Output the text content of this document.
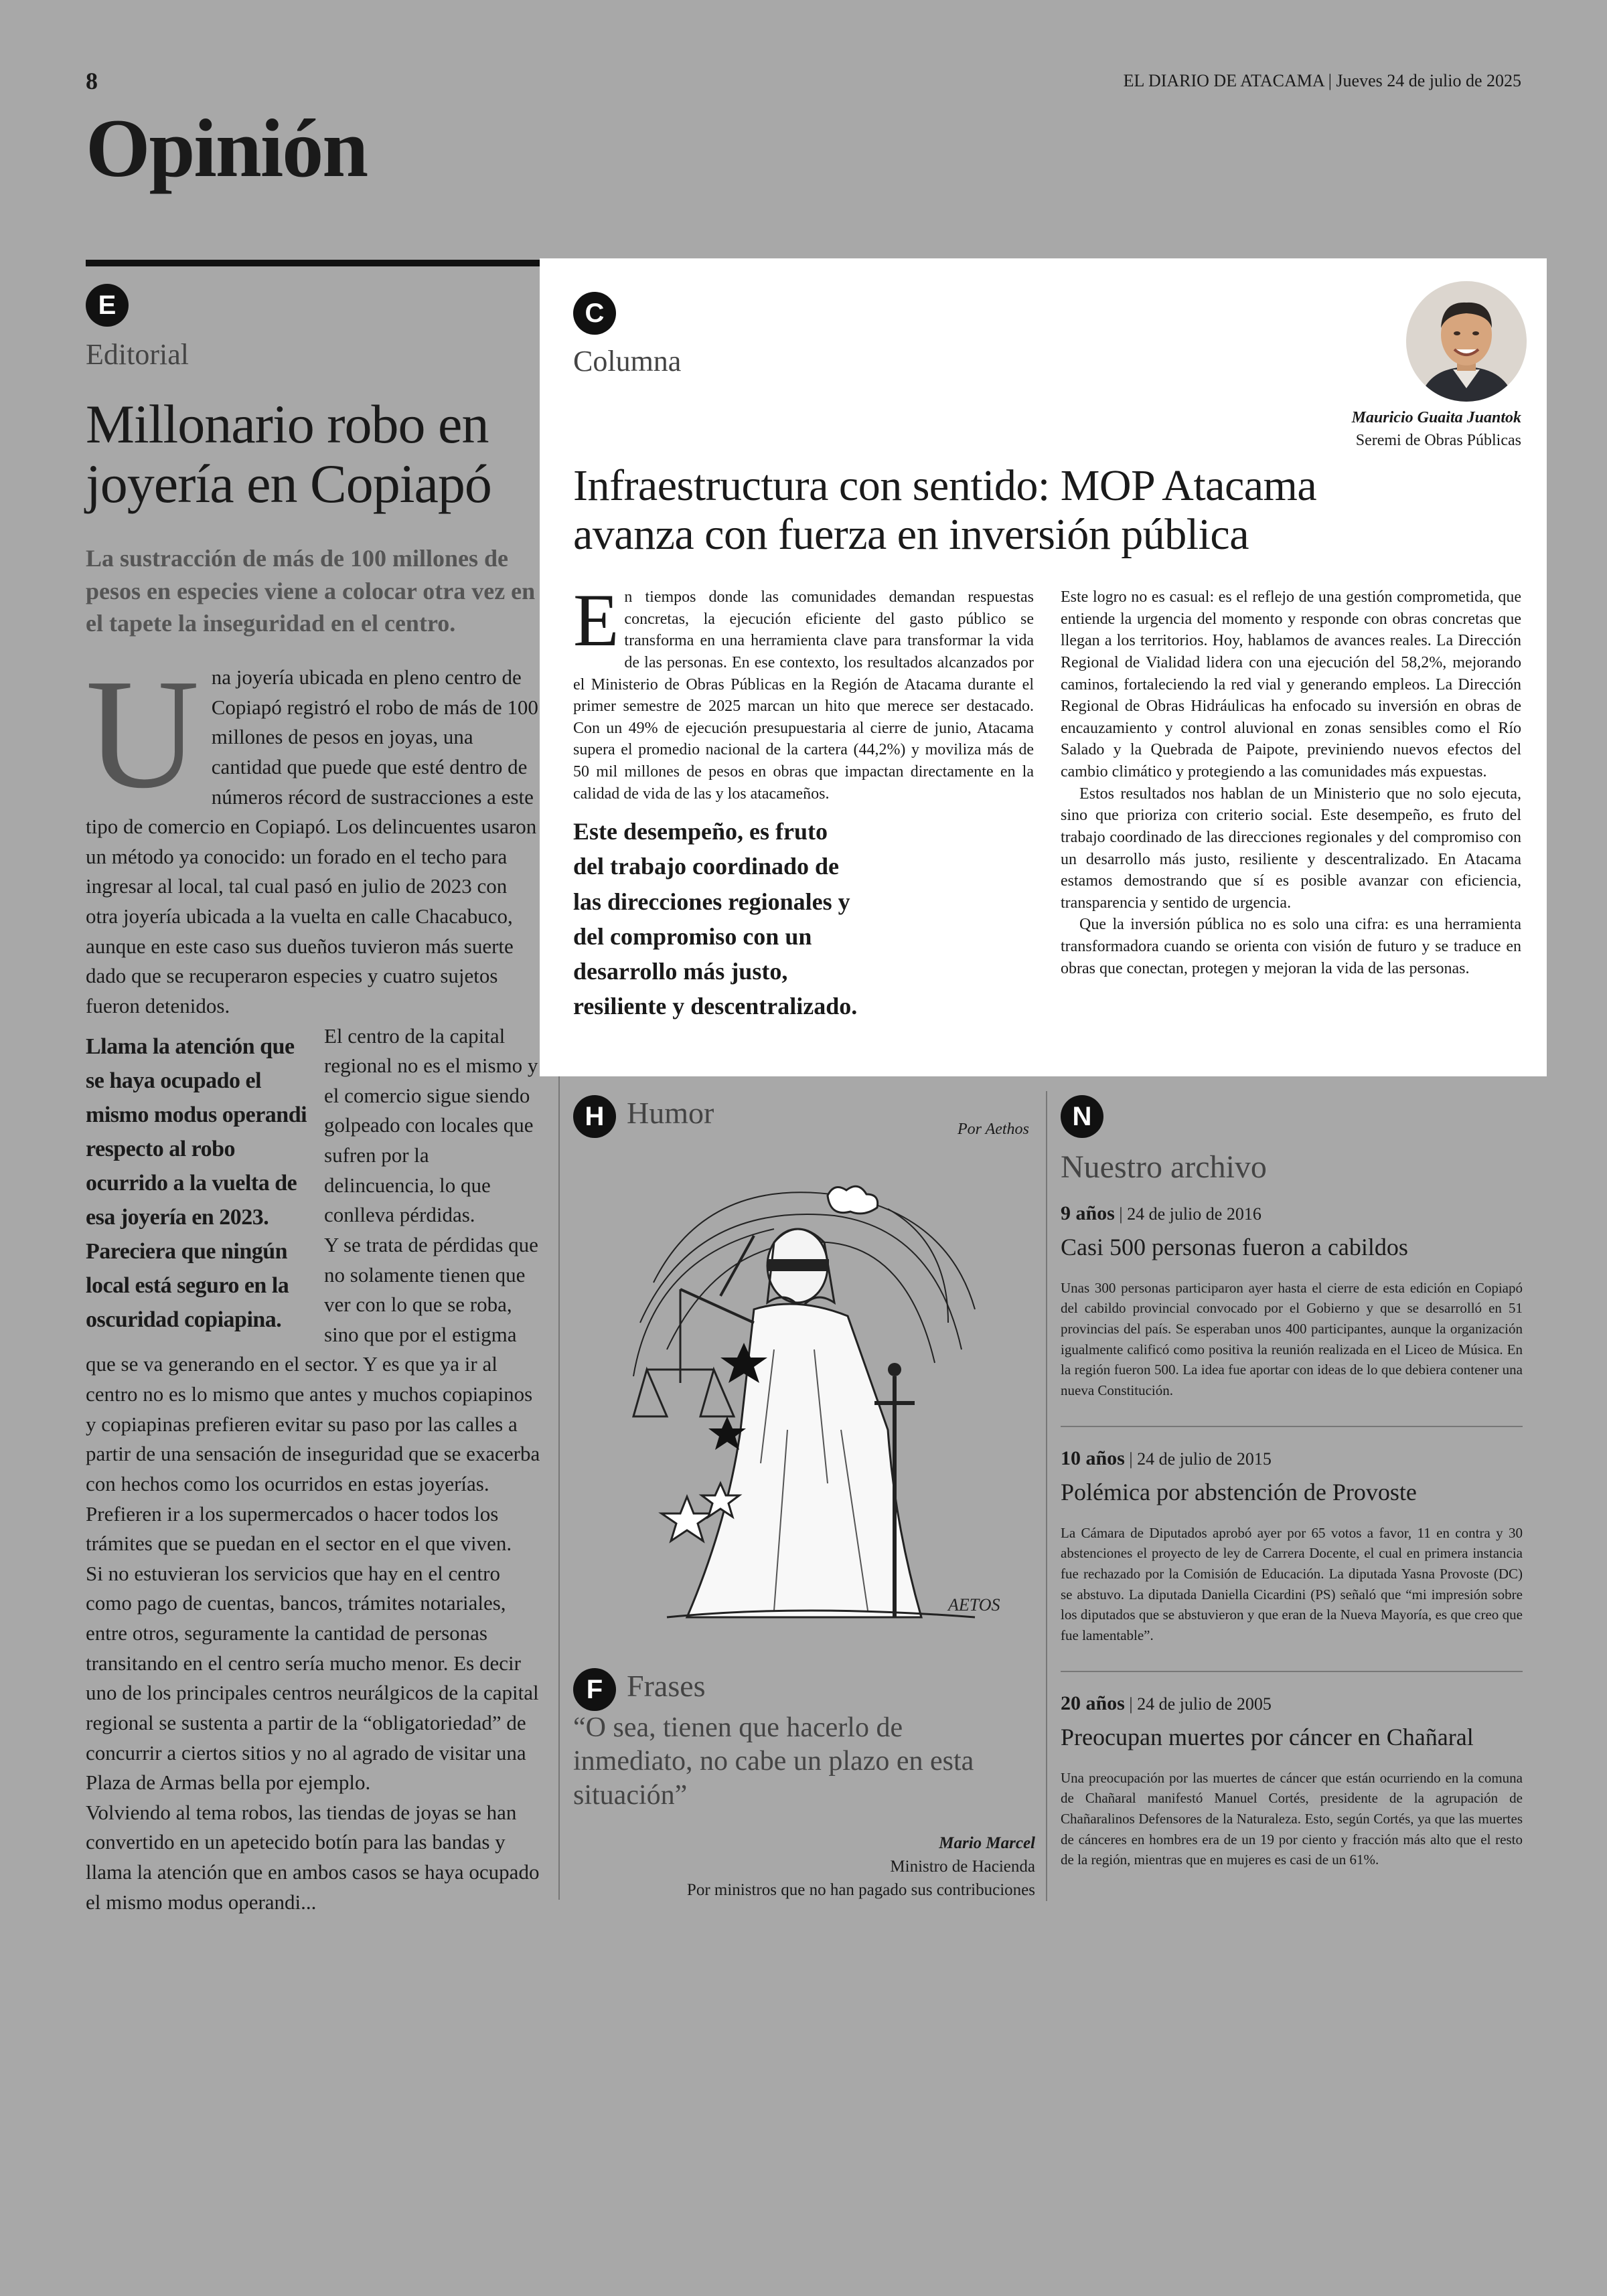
8	EL DIARIO DE ATACAMA | Jueves 24 de julio de 2025
Opinión
E
Editorial
Millonario robo en
joyería en Copiapó
La sustracción de más de 100 millones de pesos en especies viene a colocar otra vez en el tapete la inseguridad en el centro.
U na joyería ubicada en pleno centro de Copiapó registró el robo de más de 100 millones de pesos en joyas, una cantidad que puede que esté dentro de números récord de sustracciones a este tipo de comercio en Copiapó. Los delincuentes usaron un método ya conocido: un forado en el techo para ingresar al local, tal cual pasó en julio de 2023 con otra joyería ubicada a la vuelta en calle Chacabuco, aunque en este caso sus dueños tuvieron más suerte dado que se recuperaron especies y cuatro sujetos fueron detenidos.
Llama la atención que se haya ocupado el mismo modus operandi respecto al robo ocurrido a la vuelta de esa joyería en 2023. Pareciera que ningún local está seguro en la oscuridad copiapina.
El centro de la capital regional no es el mismo y el comercio sigue siendo golpeado con locales que sufren por la delincuencia, lo que conlleva pérdidas.
Y se trata de pérdidas que no solamente tienen que ver con lo que se roba, sino que por el estigma que se va generando en el sector. Y es que ya ir al centro no es lo mismo que antes y muchos copiapinos y copiapinas prefieren evitar su paso por las calles a partir de una sensación de inseguridad que se exacerba con hechos como los ocurridos en estas joyerías. Prefieren ir a los supermercados o hacer todos los trámites que se puedan en el sector en el que viven.
Si no estuvieran los servicios que hay en el centro como pago de cuentas, bancos, trámites notariales, entre otros, seguramente la cantidad de personas transitando en el centro sería mucho menor. Es decir uno de los principales centros neurálgicos de la capital regional se sustenta a partir de la “obligatoriedad” de concurrir a ciertos sitios y no al agrado de visitar una Plaza de Armas bella por ejemplo.
Volviendo al tema robos, las tiendas de joyas se han convertido en un apetecido botín para las bandas y llama la atención que en ambos casos se haya ocupado el mismo modus operandi...
C
Columna
Mauricio Guaita Juantok
Seremi de Obras Públicas
Infraestructura con sentido: MOP Atacama
avanza con fuerza en inversión pública
E n tiempos donde las comunidades demandan respuestas concretas, la ejecución eficiente del gasto público se transforma en una herramienta clave para transformar la vida de las personas. En ese contexto, los resultados alcanzados por el Ministerio de Obras Públicas en la Región de Atacama durante el primer semestre de 2025 marcan un hito que merece ser destacado. Con un 49% de ejecución presupuestaria al cierre de junio, Atacama supera el promedio nacional de la cartera (44,2%) y moviliza más de 50 mil millones de pesos en obras que impactan directamente en la calidad de vida de las y los atacameños.
Este desempeño, es fruto del trabajo coordinado de las direcciones regionales y del compromiso con un desarrollo más justo, resiliente y descentralizado.

Este logro no es casual: es el reflejo de una gestión comprometida, que entiende la urgencia del momento y responde con obras concretas que llegan a los territorios. Hoy, hablamos de avances reales. La Dirección Regional de Vialidad lidera con una ejecución del 58,2%, mejorando caminos, fortaleciendo la red vial y generando empleos. La Dirección Regional de Obras Hidráulicas ha enfocado su inversión en obras de encauzamiento y control aluvional en zonas sensibles como el Río Salado y la Quebrada de Paipote, previniendo nuevos efectos del cambio climático y protegiendo a las comunidades más expuestas.

Estos resultados nos hablan de un Ministerio que no solo ejecuta, sino que prioriza con criterio social. Este desempeño, es fruto del trabajo coordinado de las direcciones regionales y del compromiso con un desarrollo más justo, resiliente y descentralizado. En Atacama estamos demostrando que sí es posible avanzar con eficiencia, transparencia y sentido de urgencia.

Que la inversión pública no es solo una cifra: es una herramienta transformadora cuando se orienta con visión de futuro y se traduce en obras que conectan, protegen y mejoran la vida de las personas.

H Humor	Por Aethos
AETOS
F Frases
“O sea, tienen que hacerlo de inmediato, no cabe un plazo en esta situación”
Mario Marcel
Ministro de Hacienda
Por ministros que no han pagado sus contribuciones
N
Nuestro archivo
9 años | 24 de julio de 2016
Casi 500 personas fueron a cabildos

Unas 300 personas participaron ayer hasta el cierre de esta edición en Copiapó del cabildo provincial convocado por el Gobierno y que se desarrolló en 51 provincias del país. Se esperaban unos 400 participantes, aunque la organización igualmente calificó como positiva la reunión realizada en el Liceo de Música. En la región fueron 500. La idea fue aportar con ideas de lo que debiera contener una nueva Constitución.

10 años | 24 de julio de 2015
Polémica por abstención de Provoste

La Cámara de Diputados aprobó ayer por 65 votos a favor, 11 en contra y 30 abstenciones el proyecto de ley de Carrera Docente, el cual en primera instancia fue rechazado por la Comisión de Educación. La diputada Yasna Provoste (DC) se abstuvo. La diputada Daniella Cicardini (PS) señaló que “mi impresión sobre los diputados que se abstuvieron y que eran de la Nueva Mayoría, es que creo que fue lamentable”.

20 años | 24 de julio de 2005
Preocupan muertes por cáncer en Chañaral

Una preocupación por las muertes de cáncer que están ocurriendo en la comuna de Chañaral manifestó Manuel Cortés, presidente de la agrupación de Chañaralinos Defensores de la Naturaleza. Esto, según Cortés, ya que las muertes de cánceres en hombres era de un 19 por ciento y fracción más alto que el resto de la región, mientras que en mujeres es casi de un 61%.
